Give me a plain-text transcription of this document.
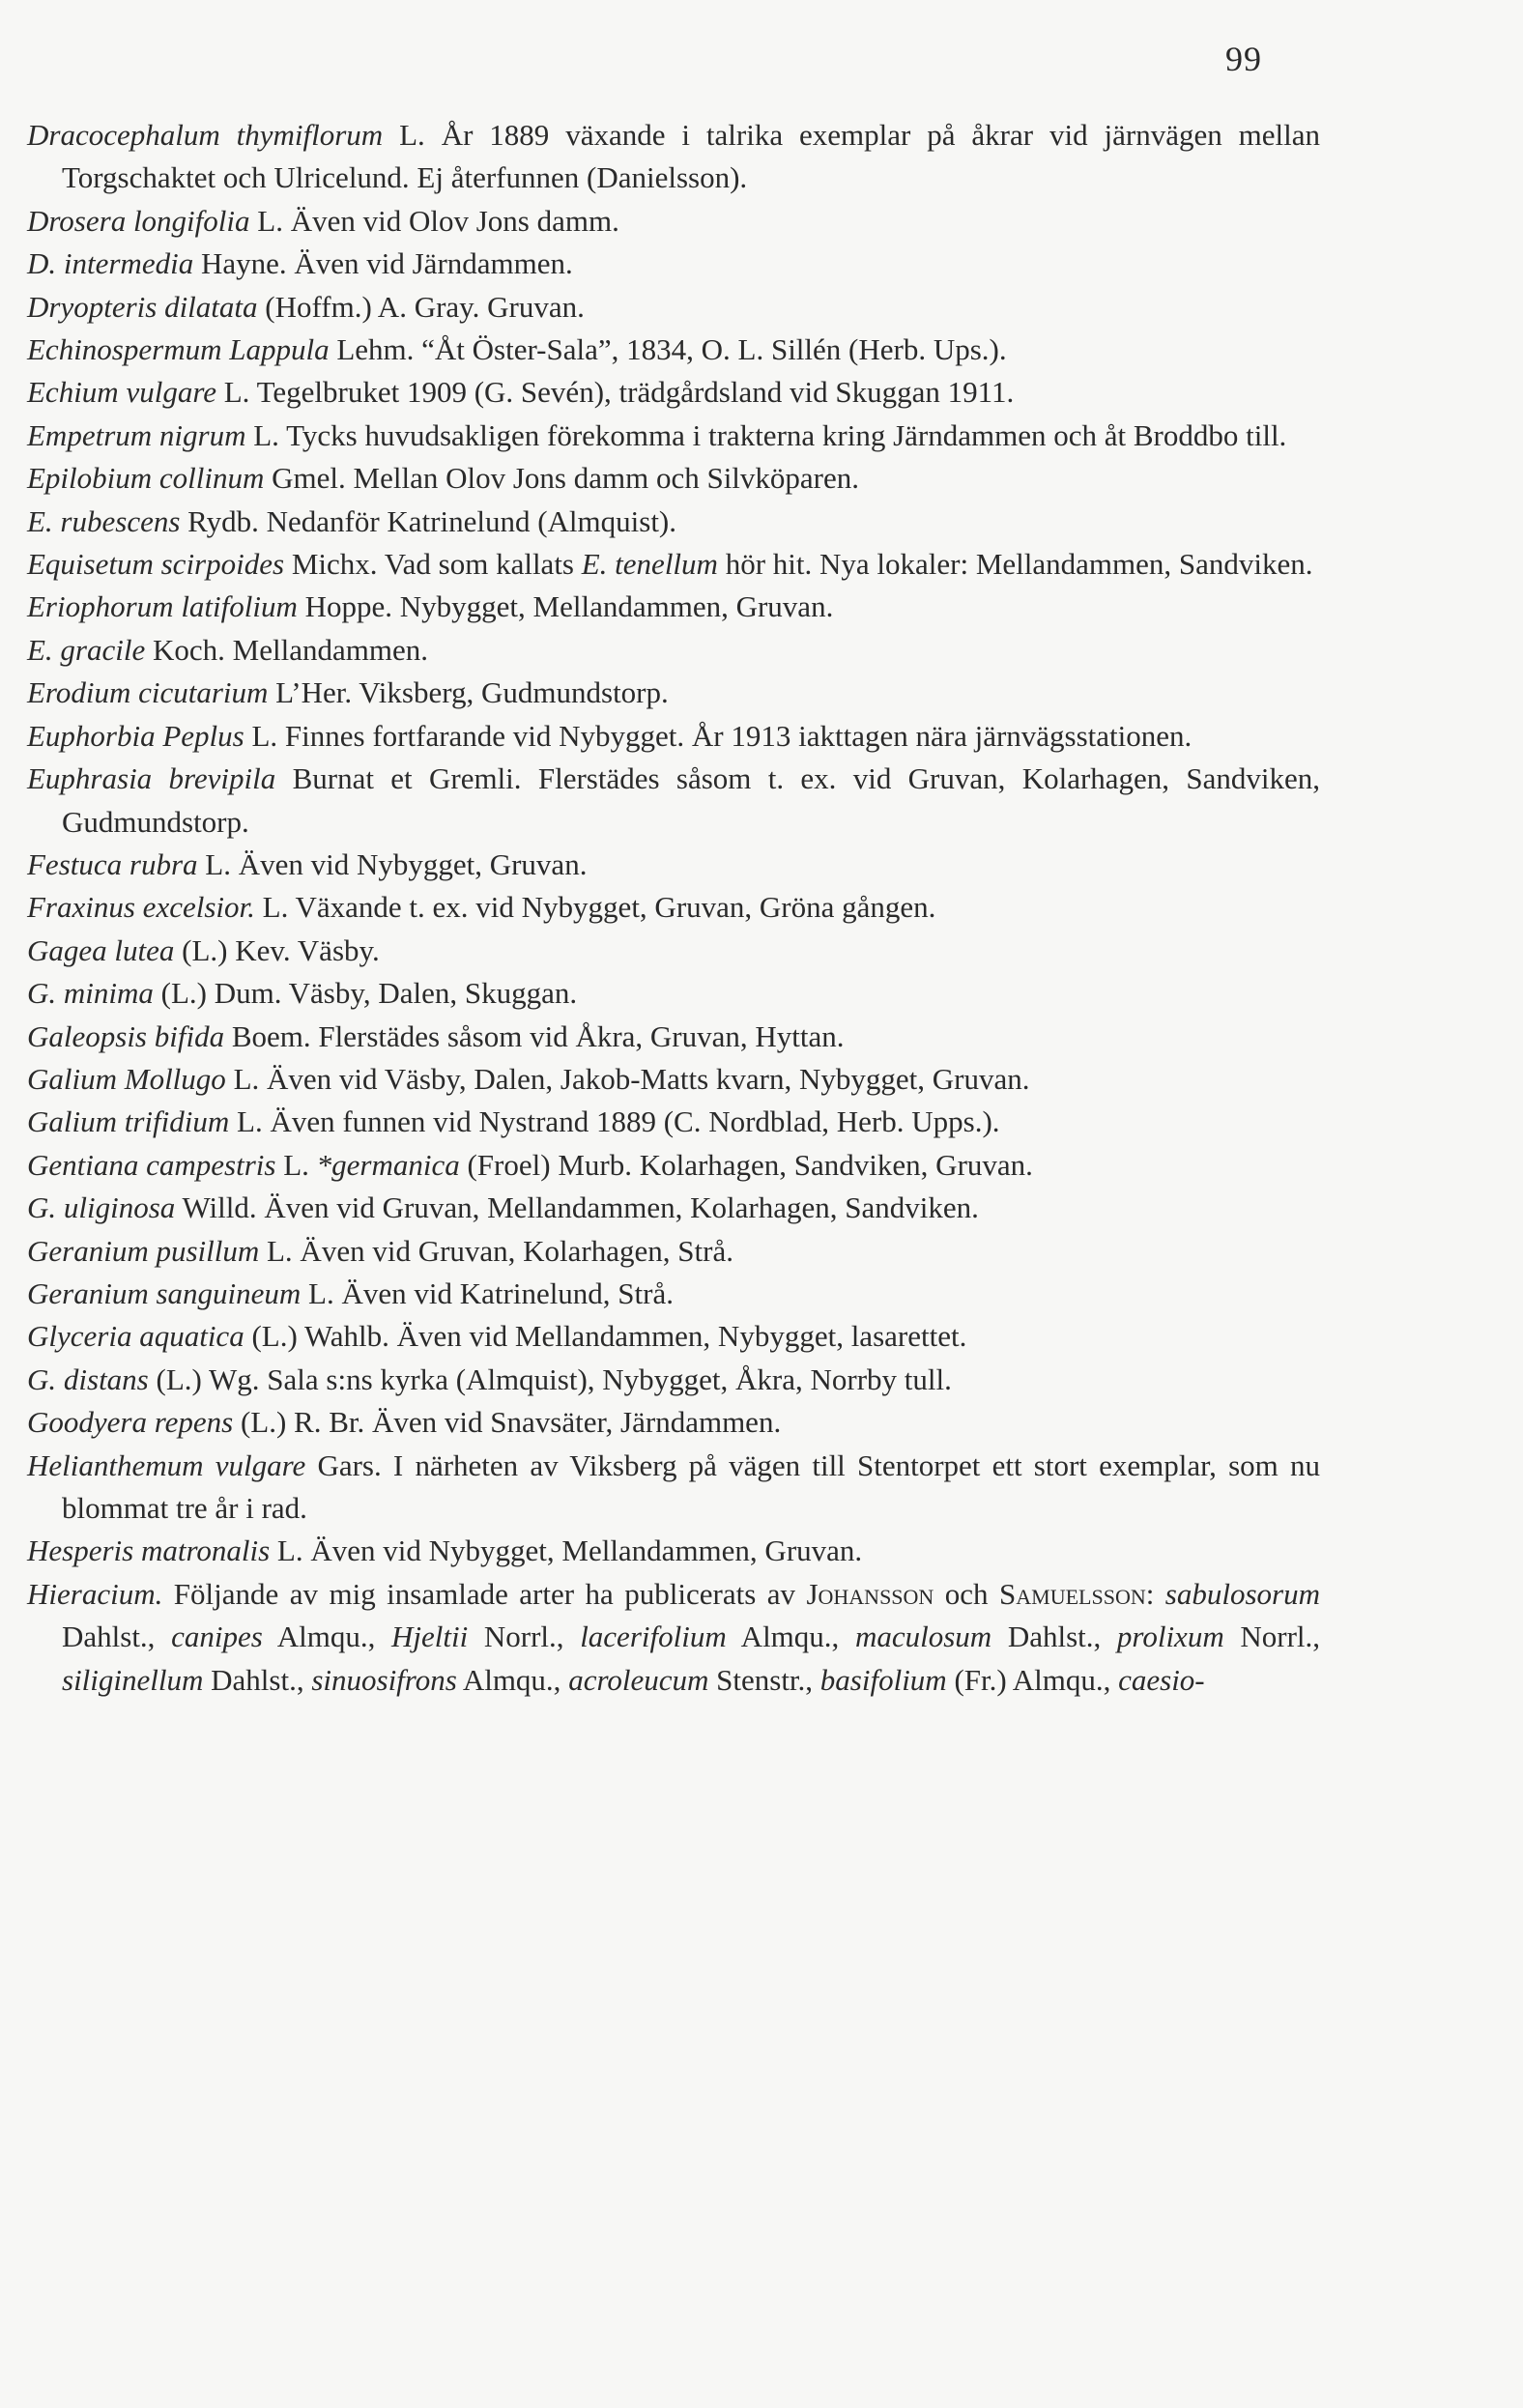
99
Dracocephalum thymiflorum L. År 1889 växande i talrika exemplar på åkrar vid järnvägen mellan Torgschaktet och Ulricelund. Ej återfunnen (Danielsson).
Drosera longifolia L. Även vid Olov Jons damm.
D. intermedia Hayne. Även vid Järndammen.
Dryopteris dilatata (Hoffm.) A. Gray. Gruvan.
Echinospermum Lappula Lehm. “Åt Öster-Sala”, 1834, O. L. Sillén (Herb. Ups.).
Echium vulgare L. Tegelbruket 1909 (G. Sevén), trädgårdsland vid Skuggan 1911.
Empetrum nigrum L. Tycks huvudsakligen förekomma i trakterna kring Järndammen och åt Broddbo till.
Epilobium collinum Gmel. Mellan Olov Jons damm och Silvköparen.
E. rubescens Rydb. Nedanför Katrinelund (Almquist).
Equisetum scirpoides Michx. Vad som kallats E. tenellum hör hit. Nya lokaler: Mellandammen, Sandviken.
Eriophorum latifolium Hoppe. Nybygget, Mellandammen, Gruvan.
E. gracile Koch. Mellandammen.
Erodium cicutarium L’Her. Viksberg, Gudmundstorp.
Euphorbia Peplus L. Finnes fortfarande vid Nybygget. År 1913 iakttagen nära järnvägsstationen.
Euphrasia brevipila Burnat et Gremli. Flerstädes såsom t. ex. vid Gruvan, Kolarhagen, Sandviken, Gudmundstorp.
Festuca rubra L. Även vid Nybygget, Gruvan.
Fraxinus excelsior. L. Växande t. ex. vid Nybygget, Gruvan, Gröna gången.
Gagea lutea (L.) Kev. Väsby.
G. minima (L.) Dum. Väsby, Dalen, Skuggan.
Galeopsis bifida Boem. Flerstädes såsom vid Åkra, Gruvan, Hyttan.
Galium Mollugo L. Även vid Väsby, Dalen, Jakob-Matts kvarn, Nybygget, Gruvan.
Galium trifidium L. Även funnen vid Nystrand 1889 (C. Nordblad, Herb. Upps.).
Gentiana campestris L. *germanica (Froel) Murb. Kolarhagen, Sandviken, Gruvan.
G. uliginosa Willd. Även vid Gruvan, Mellandammen, Kolarhagen, Sandviken.
Geranium pusillum L. Även vid Gruvan, Kolarhagen, Strå.
Geranium sanguineum L. Även vid Katrinelund, Strå.
Glyceria aquatica (L.) Wahlb. Även vid Mellandammen, Nybygget, lasarettet.
G. distans (L.) Wg. Sala s:ns kyrka (Almquist), Nybygget, Åkra, Norrby tull.
Goodyera repens (L.) R. Br. Även vid Snavsäter, Järndammen.
Helianthemum vulgare Gars. I närheten av Viksberg på vägen till Stentorpet ett stort exemplar, som nu blommat tre år i rad.
Hesperis matronalis L. Även vid Nybygget, Mellandammen, Gruvan.
Hieracium. Följande av mig insamlade arter ha publicerats av Johansson och Samuelsson: sabulosorum Dahlst., canipes Almqu., Hjeltii Norrl., lacerifolium Almqu., maculosum Dahlst., prolixum Norrl., siliginellum Dahlst., sinuosifrons Almqu., acroleucum Stenstr., basifolium (Fr.) Almqu., caesio-
